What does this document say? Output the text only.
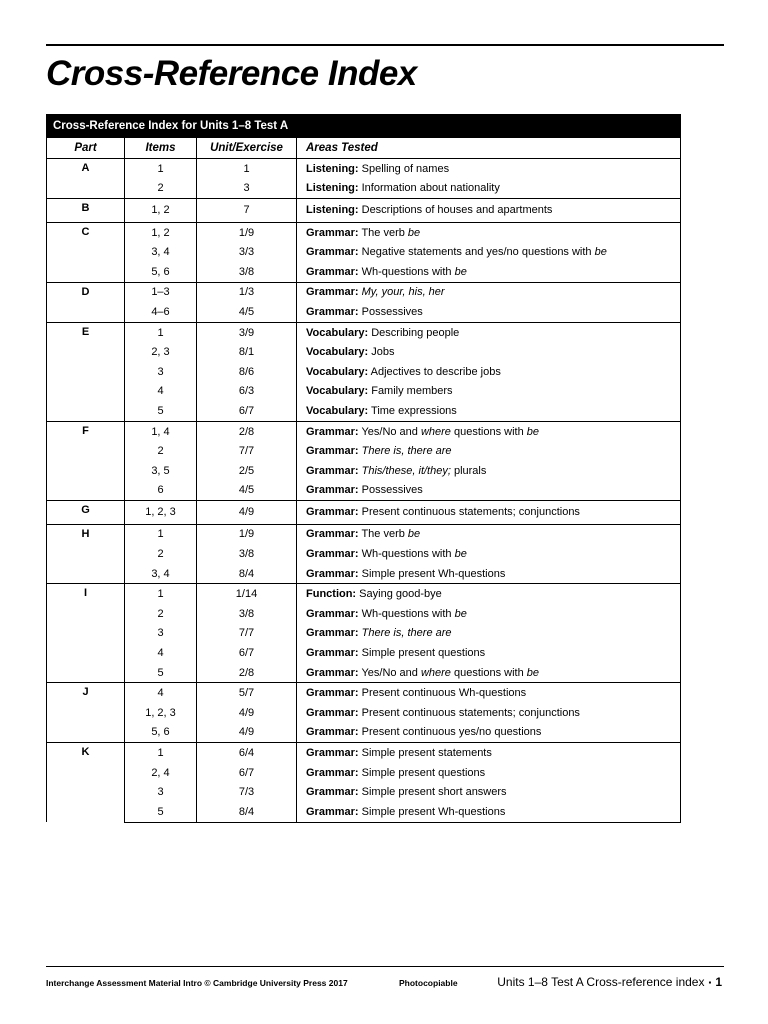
Cross-Reference Index
Cross-Reference Index for Units 1–8 Test A			
Part	Items	Unit/Exercise	Areas Tested
A	1	1	Listening: Spelling of names
	2	3	Listening: Information about nationality
B	1, 2	7	Listening: Descriptions of houses and apartments
C	1, 2	1/9	Grammar: The verb be
	3, 4	3/3	Grammar: Negative statements and yes/no questions with be
	5, 6	3/8	Grammar: Wh-questions with be
D	1–3	1/3	Grammar: My, your, his, her
	4–6	4/5	Grammar: Possessives
E	1	3/9	Vocabulary: Describing people
	2, 3	8/1	Vocabulary: Jobs
	3	8/6	Vocabulary: Adjectives to describe jobs
	4	6/3	Vocabulary: Family members
	5	6/7	Vocabulary: Time expressions
F	1, 4	2/8	Grammar: Yes/No and where questions with be
	2	7/7	Grammar: There is, there are
	3, 5	2/5	Grammar: This/these, it/they; plurals
	6	4/5	Grammar: Possessives
G	1, 2, 3	4/9	Grammar: Present continuous statements; conjunctions
H	1	1/9	Grammar: The verb be
	2	3/8	Grammar: Wh-questions with be
	3, 4	8/4	Grammar: Simple present Wh-questions
I	1	1/14	Function: Saying good-bye
	2	3/8	Grammar: Wh-questions with be
	3	7/7	Grammar: There is, there are
	4	6/7	Grammar: Simple present questions
	5	2/8	Grammar: Yes/No and where questions with be
J	4	5/7	Grammar: Present continuous Wh-questions
	1, 2, 3	4/9	Grammar: Present continuous statements; conjunctions
	5, 6	4/9	Grammar: Present continuous yes/no questions
K	1	6/4	Grammar: Simple present statements
	2, 4	6/7	Grammar: Simple present questions
	3	7/3	Grammar: Simple present short answers
	5	8/4	Grammar: Simple present Wh-questions
Interchange Assessment Material Intro © Cambridge University Press 2017	Photocopiable	Units 1–8 Test A Cross-reference index ▪ 1
